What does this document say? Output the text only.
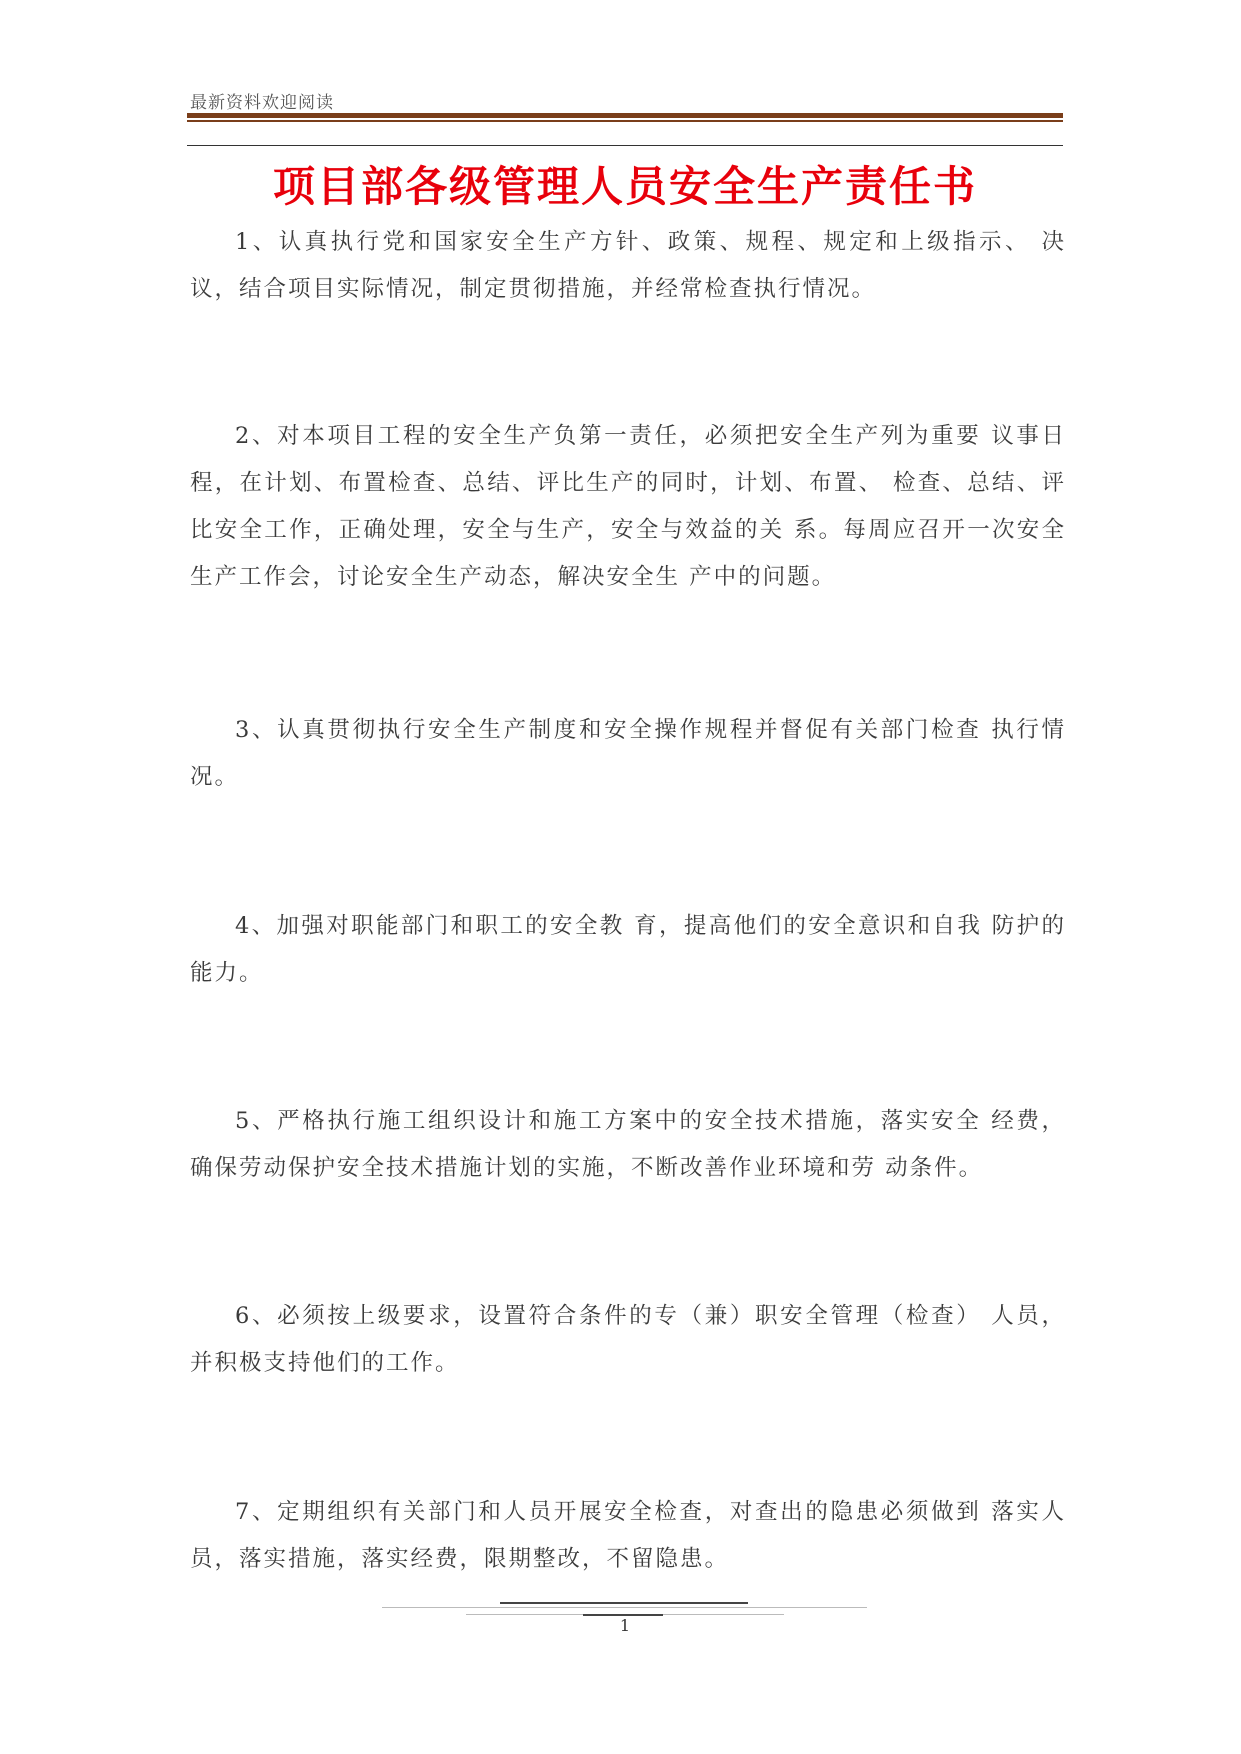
最新资料欢迎阅读
项目部各级管理人员安全生产责任书

1、认真执行党和国家安全生产方针、政策、规程、规定和上级指示、 决议，结合项目实际情况，制定贯彻措施，并经常检查执行情况。

2、对本项目工程的安全生产负第一责任，必须把安全生产列为重要 议事日程，在计划、布置检查、总结、评比生产的同时，计划、布置、 检查、总结、评比安全工作，正确处理，安全与生产，安全与效益的关 系。每周应召开一次安全生产工作会，讨论安全生产动态，解决安全生 产中的问题。

3、认真贯彻执行安全生产制度和安全操作规程并督促有关部门检查 执行情况。

4、加强对职能部门和职工的安全教 育，提高他们的安全意识和自我 防护的能力。

5、严格执行施工组织设计和施工方案中的安全技术措施，落实安全 经费，确保劳动保护安全技术措施计划的实施，不断改善作业环境和劳 动条件。

6、必须按上级要求，设置符合条件的专（兼）职安全管理（检查） 人员，并积极支持他们的工作。

7、定期组织有关部门和人员开展安全检查，对查出的隐患必须做到 落实人员，落实措施，落实经费，限期整改，不留隐患。

1
